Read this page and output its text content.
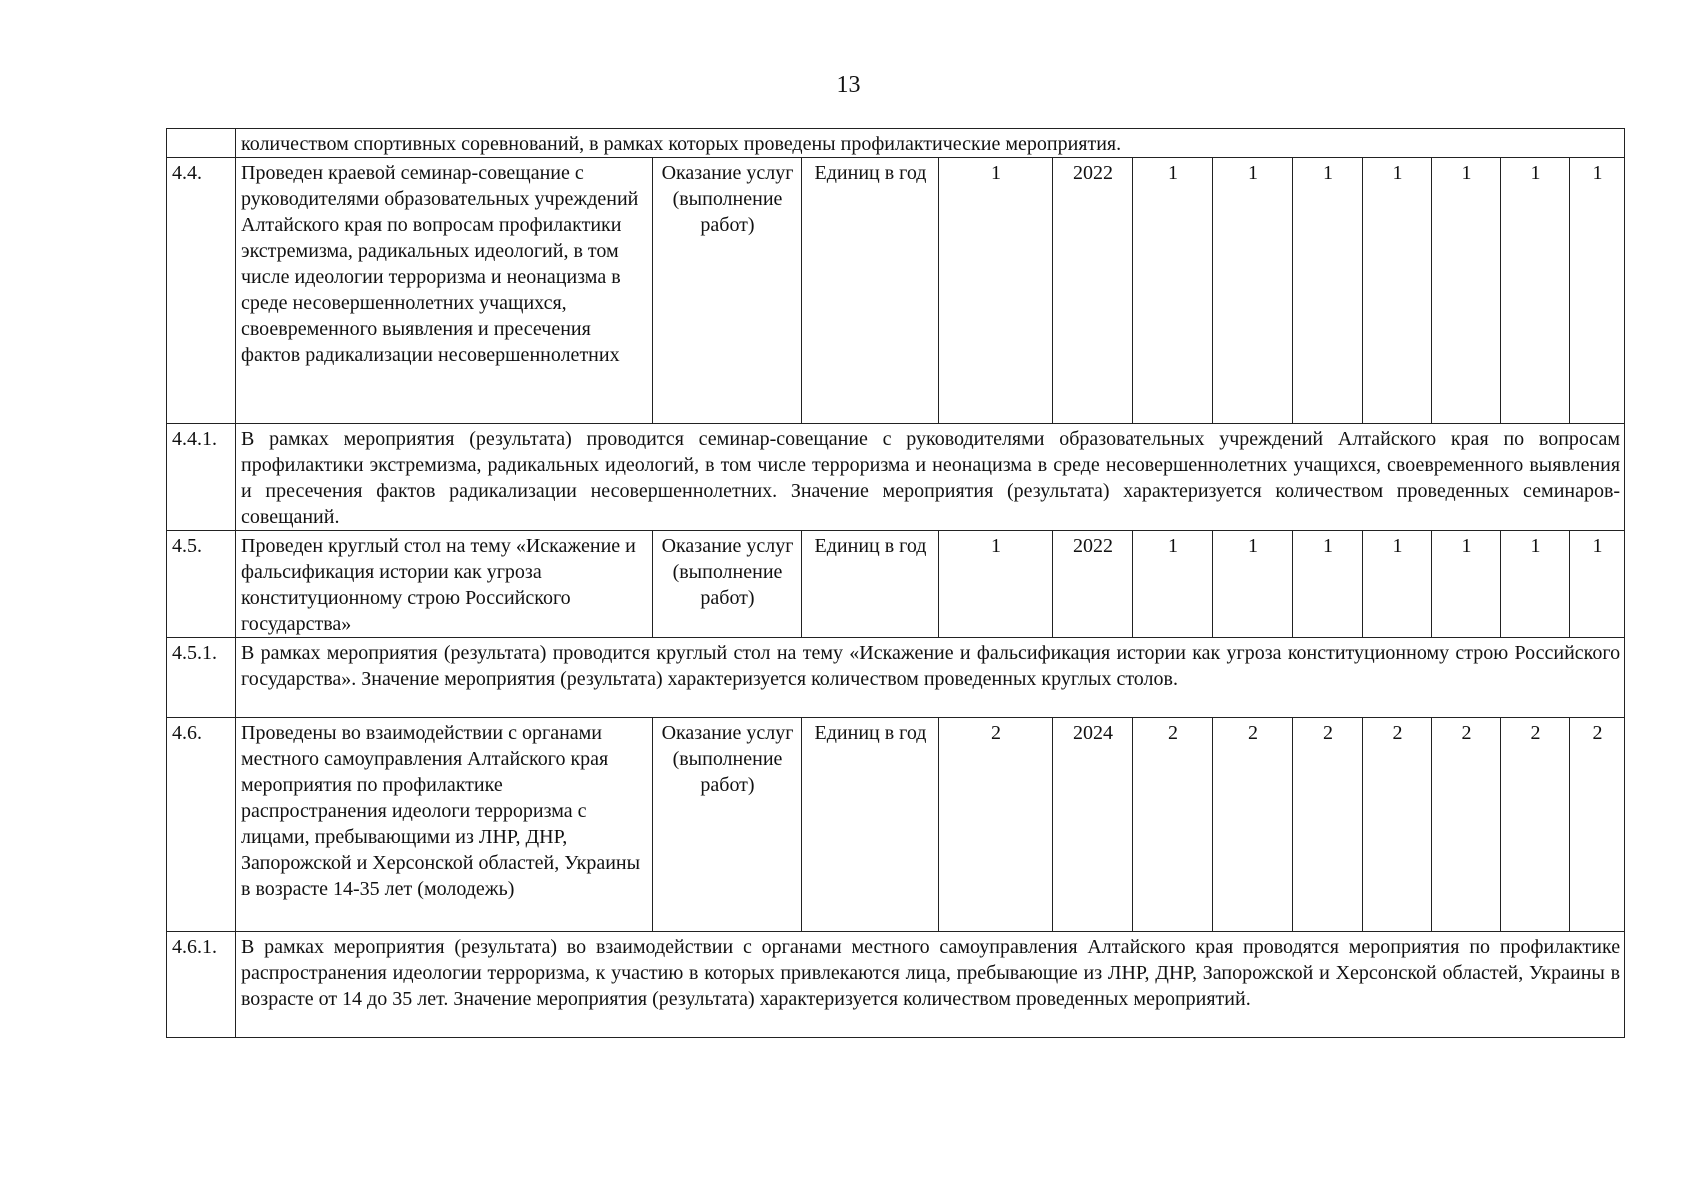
13
	количеством спортивных соревнований, в рамках которых проведены профилактические мероприятия.											
4.4.	Проведен краевой семинар-совещание с руководителями образовательных учреждений Алтайского края по вопросам профилактики экстремизма, радикальных идеологий, в том числе идеологии терроризма и неонацизма в среде несовершеннолетних учащихся, своевременного выявления и пресечения фактов радикализации несовершеннолетних	Оказание услуг (выполнение работ)	Единиц в год	1	2022	1	1	1	1	1	1	1
4.4.1.	В рамках мероприятия (результата) проводится семинар-совещание с руководителями образовательных учреждений Алтайского края по вопросам профилактики экстремизма, радикальных идеологий, в том числе терроризма и неонацизма в среде несовершеннолетних учащихся, своевременного выявления и пресечения фактов радикализации несовершеннолетних. Значение мероприятия (результата) характеризуется количеством проведенных семинаров-совещаний.											
4.5.	Проведен круглый стол на тему «Искажение и фальсификация истории как угроза конституционному строю Российского государства»	Оказание услуг (выполнение работ)	Единиц в год	1	2022	1	1	1	1	1	1	1
4.5.1.	В рамках мероприятия (результата) проводится круглый стол на тему «Искажение и фальсификация истории как угроза конституционному строю Российского государства». Значение мероприятия (результата) характеризуется количеством проведенных круглых столов.											
4.6.	Проведены во взаимодействии с органами местного самоуправления Алтайского края мероприятия по профилактике распространения идеологи терроризма с лицами, пребывающими из ЛНР, ДНР, Запорожской и Херсонской областей, Украины в возрасте 14-35 лет (молодежь)	Оказание услуг (выполнение работ)	Единиц в год	2	2024	2	2	2	2	2	2	2
4.6.1.	В рамках мероприятия (результата) во взаимодействии с органами местного самоуправления Алтайского края проводятся мероприятия по профилактике распространения идеологии терроризма, к участию в которых привлекаются лица, пребывающие из ЛНР, ДНР, Запорожской и Херсонской областей, Украины в возрасте от 14 до 35 лет. Значение мероприятия (результата) характеризуется количеством проведенных мероприятий.											
